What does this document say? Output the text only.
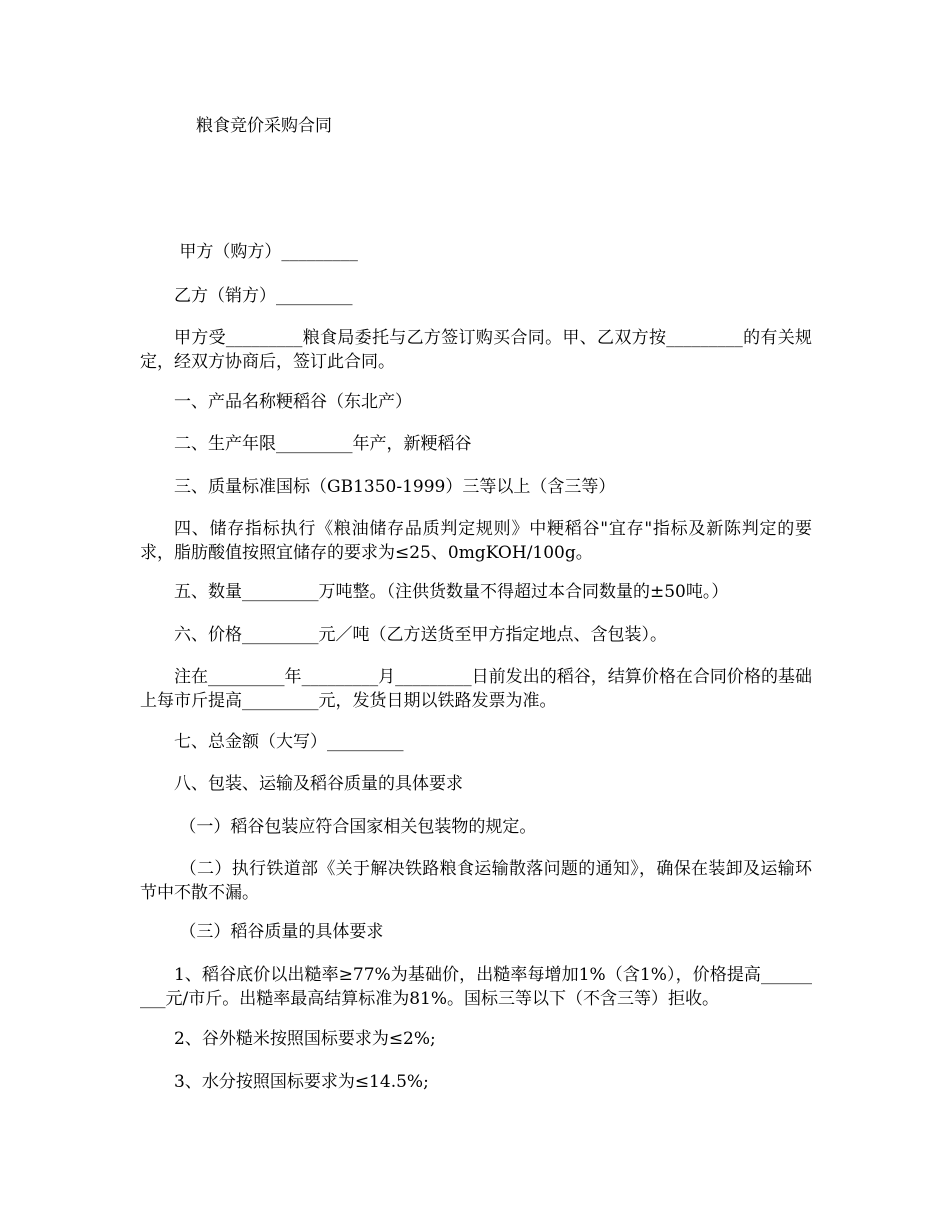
粮食竞价采购合同
甲方（购方）_________
乙方（销方）_________
甲方受_________粮食局委托与乙方签订购买合同。甲、乙双方按_________的有关规定，经双方协商后，签订此合同。
一、产品名称粳稻谷（东北产）
二、生产年限_________年产，新粳稻谷
三、质量标准国标（GB1350-1999）三等以上（含三等）
四、储存指标执行《粮油储存品质判定规则》中粳稻谷"宜存"指标及新陈判定的要求，脂肪酸值按照宜储存的要求为≤25、0mgKOH/100g。
五、数量_________万吨整。（注供货数量不得超过本合同数量的±50吨。）
六、价格_________元／吨（乙方送货至甲方指定地点、含包装）。
注在_________年_________月_________日前发出的稻谷，结算价格在合同价格的基础上每市斤提高_________元，发货日期以铁路发票为准。
七、总金额（大写）_________
八、包装、运输及稻谷质量的具体要求
（一）稻谷包装应符合国家相关包装物的规定。
（二）执行铁道部《关于解决铁路粮食运输散落问题的通知》，确保在装卸及运输环节中不散不漏。
（三）稻谷质量的具体要求
1、稻谷底价以出糙率≥77%为基础价，出糙率每增加1%（含1%），价格提高_________元/市斤。出糙率最高结算标准为81%。国标三等以下（不含三等）拒收。
2、谷外糙米按照国标要求为≤2%;
3、水分按照国标要求为≤14.5%;
